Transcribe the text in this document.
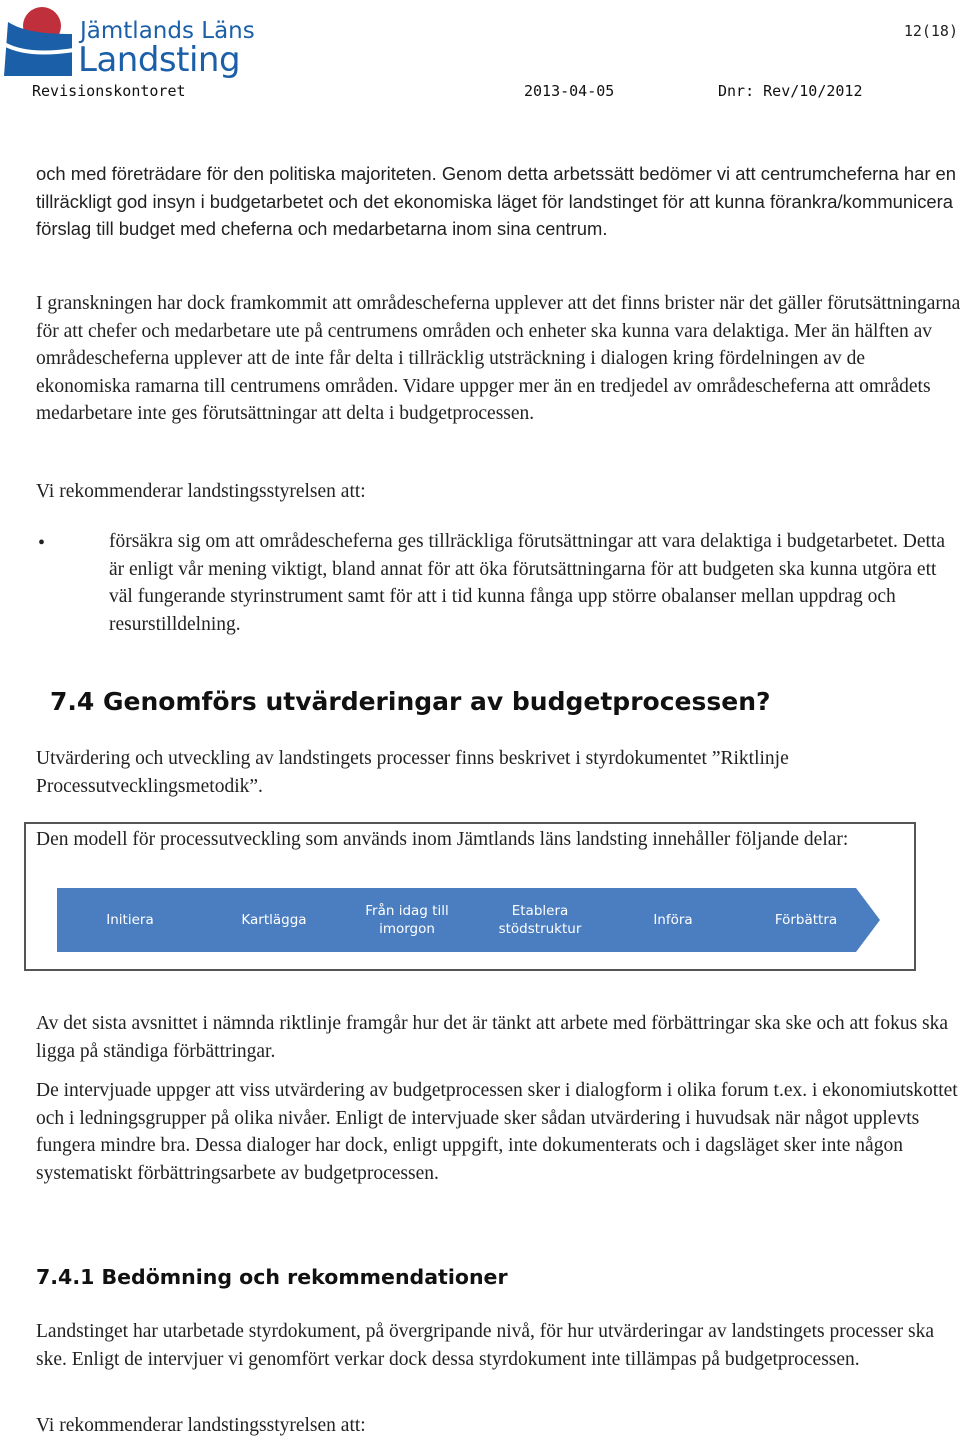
Jämtlands Läns
Landsting
12(18)
Revisionskontoret	2013-04-05	Dnr: Rev/10/2012

och med företrädare för den politiska majoriteten. Genom detta arbetssätt bedömer vi att centrumcheferna har en tillräckligt god insyn i budgetarbetet och det ekonomiska läget för landstinget för att kunna förankra/kommunicera förslag till budget med cheferna och medarbetarna inom sina centrum.

I granskningen har dock framkommit att områdescheferna upplever att det finns brister när det gäller förutsättningarna för att chefer och medarbetare ute på centrumens områden och enheter ska kunna vara delaktiga. Mer än hälften av områdescheferna upplever att de inte får delta i tillräcklig utsträckning i dialogen kring fördelningen av de ekonomiska ramarna till centrumens områden. Vidare uppger mer än en tredjedel av områdescheferna att områdets medarbetare inte ges förutsättningar att delta i budgetprocessen.

Vi rekommenderar landstingsstyrelsen att:

•	försäkra sig om att områdescheferna ges tillräckliga förutsättningar att vara delaktiga i budgetarbetet. Detta är enligt vår mening viktigt, bland annat för att öka förutsättningarna för att budgeten ska kunna utgöra ett väl fungerande styrinstrument samt för att i tid kunna fånga upp större obalanser mellan uppdrag och resurstilldelning.

7.4 Genomförs utvärderingar av budgetprocessen?

Utvärdering och utveckling av landstingets processer finns beskrivet i styrdokumentet ”Riktlinje Processutvecklingsmetodik”.

Den modell för processutveckling som används inom Jämtlands läns landsting innehåller följande delar:

Initiera	Kartlägga
Från idag till imorgon
Etablera stödstruktur
Införa	Förbättra

Av det sista avsnittet i nämnda riktlinje framgår hur det är tänkt att arbete med förbättringar ska ske och att fokus ska ligga på ständiga förbättringar.

De intervjuade uppger att viss utvärdering av budgetprocessen sker i dialogform i olika forum t.ex. i ekonomiutskottet och i ledningsgrupper på olika nivåer. Enligt de intervjuade sker sådan utvärdering i huvudsak när något upplevts fungera mindre bra. Dessa dialoger har dock, enligt uppgift, inte dokumenterats och i dagsläget sker inte någon systematiskt förbättringsarbete av budgetprocessen.

7.4.1 Bedömning och rekommendationer

Landstinget har utarbetade styrdokument, på övergripande nivå, för hur utvärderingar av landstingets processer ska ske. Enligt de intervjuer vi genomfört verkar dock dessa styrdokument inte tillämpas på budgetprocessen.

Vi rekommenderar landstingsstyrelsen att:
